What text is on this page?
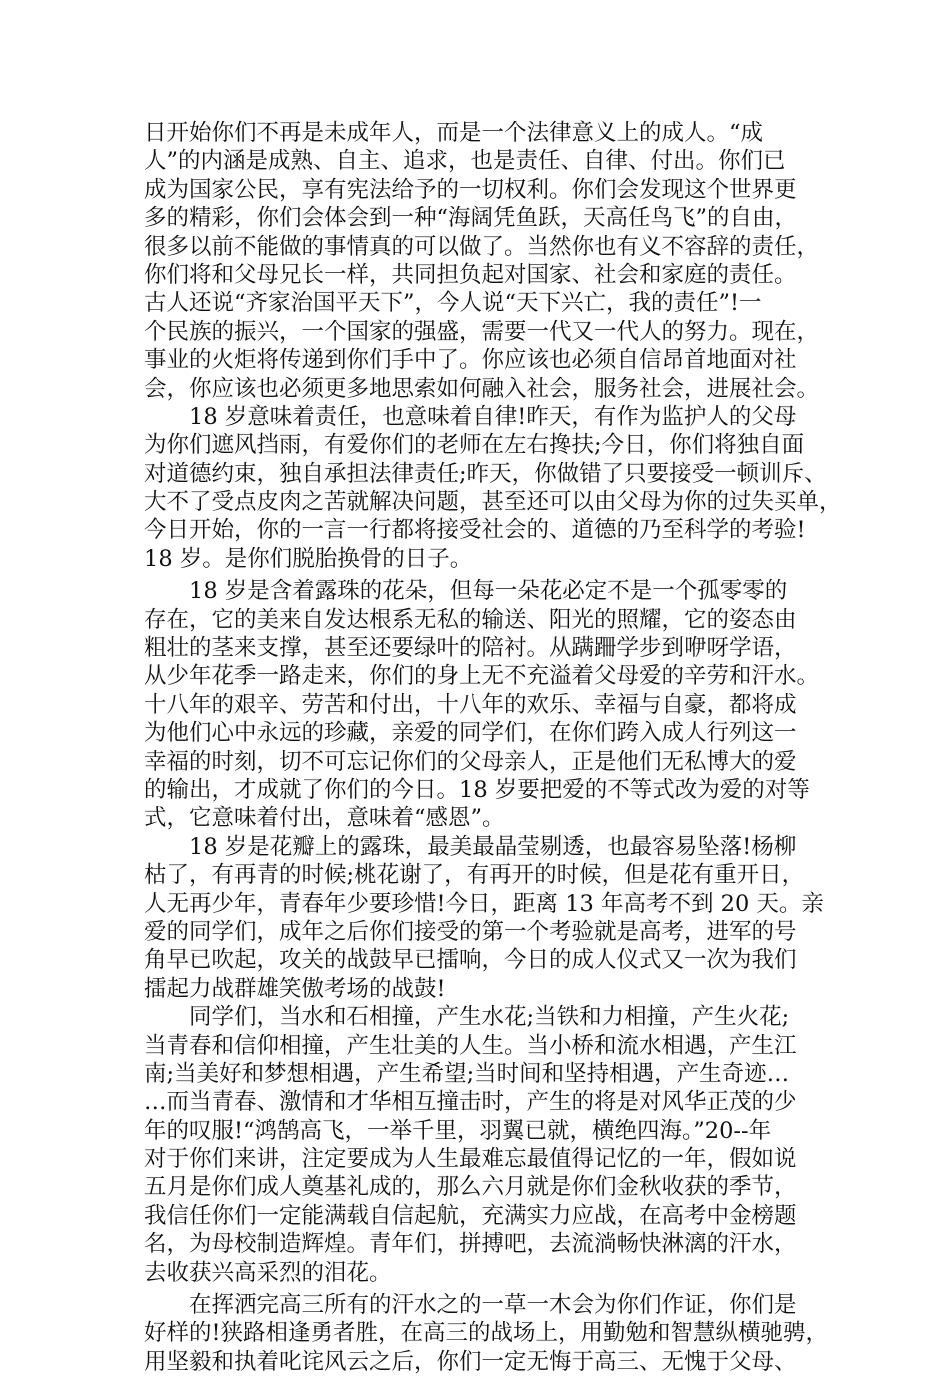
日开始你们不再是未成年人，而是一个法律意义上的成人。“成
人”的内涵是成熟、自主、追求，也是责任、自律、付出。你们已
成为国家公民，享有宪法给予的一切权利。你们会发现这个世界更
多的精彩，你们会体会到一种“海阔凭鱼跃，天高任鸟飞”的自由，
很多以前不能做的事情真的可以做了。当然你也有义不容辞的责任，
你们将和父母兄长一样，共同担负起对国家、社会和家庭的责任。
古人还说“齐家治国平天下”，今人说“天下兴亡，我的责任”!一
个民族的振兴，一个国家的强盛，需要一代又一代人的努力。现在，
事业的火炬将传递到你们手中了。你应该也必须自信昂首地面对社
会，你应该也必须更多地思索如何融入社会，服务社会，进展社会。
　　18 岁意味着责任，也意味着自律!昨天，有作为监护人的父母
为你们遮风挡雨，有爱你们的老师在左右搀扶;今日，你们将独自面
对道德约束，独自承担法律责任;昨天，你做错了只要接受一顿训斥、
大不了受点皮肉之苦就解决问题，甚至还可以由父母为你的过失买单，
今日开始，你的一言一行都将接受社会的、道德的乃至科学的考验!
18 岁。是你们脱胎换骨的日子。
　　18 岁是含着露珠的花朵，但每一朵花必定不是一个孤零零的
存在，它的美来自发达根系无私的输送、阳光的照耀，它的姿态由
粗壮的茎来支撑，甚至还要绿叶的陪衬。从蹒跚学步到咿呀学语，
从少年花季一路走来，你们的身上无不充溢着父母爱的辛劳和汗水。
十八年的艰辛、劳苦和付出，十八年的欢乐、幸福与自豪，都将成
为他们心中永远的珍藏，亲爱的同学们，在你们跨入成人行列这一
幸福的时刻，切不可忘记你们的父母亲人，正是他们无私博大的爱
的输出，才成就了你们的今日。18 岁要把爱的不等式改为爱的对等
式，它意味着付出，意味着“感恩”。
　　18 岁是花瓣上的露珠，最美最晶莹剔透，也最容易坠落!杨柳
枯了，有再青的时候;桃花谢了，有再开的时候，但是花有重开日，
人无再少年，青春年少要珍惜!今日，距离 13 年高考不到 20 天。亲
爱的同学们，成年之后你们接受的第一个考验就是高考，进军的号
角早已吹起，攻关的战鼓早已擂响，今日的成人仪式又一次为我们
擂起力战群雄笑傲考场的战鼓!
　　同学们，当水和石相撞，产生水花;当铁和力相撞，产生火花;
当青春和信仰相撞，产生壮美的人生。当小桥和流水相遇，产生江
南;当美好和梦想相遇，产生希望;当时间和坚持相遇，产生奇迹…
…而当青春、激情和才华相互撞击时，产生的将是对风华正茂的少
年的叹服!“鸿鹄高飞，一举千里，羽翼已就，横绝四海。”20--年
对于你们来讲，注定要成为人生最难忘最值得记忆的一年，假如说
五月是你们成人奠基礼成的，那么六月就是你们金秋收获的季节，
我信任你们一定能满载自信起航，充满实力应战，在高考中金榜题
名，为母校制造辉煌。青年们，拼搏吧，去流淌畅快淋漓的汗水，
去收获兴高采烈的泪花。
　　在挥洒完高三所有的汗水之的一草一木会为你们作证，你们是
好样的!狭路相逢勇者胜，在高三的战场上，用勤勉和智慧纵横驰骋，
用坚毅和执着叱诧风云之后，你们一定无悔于高三、无愧于父母、
